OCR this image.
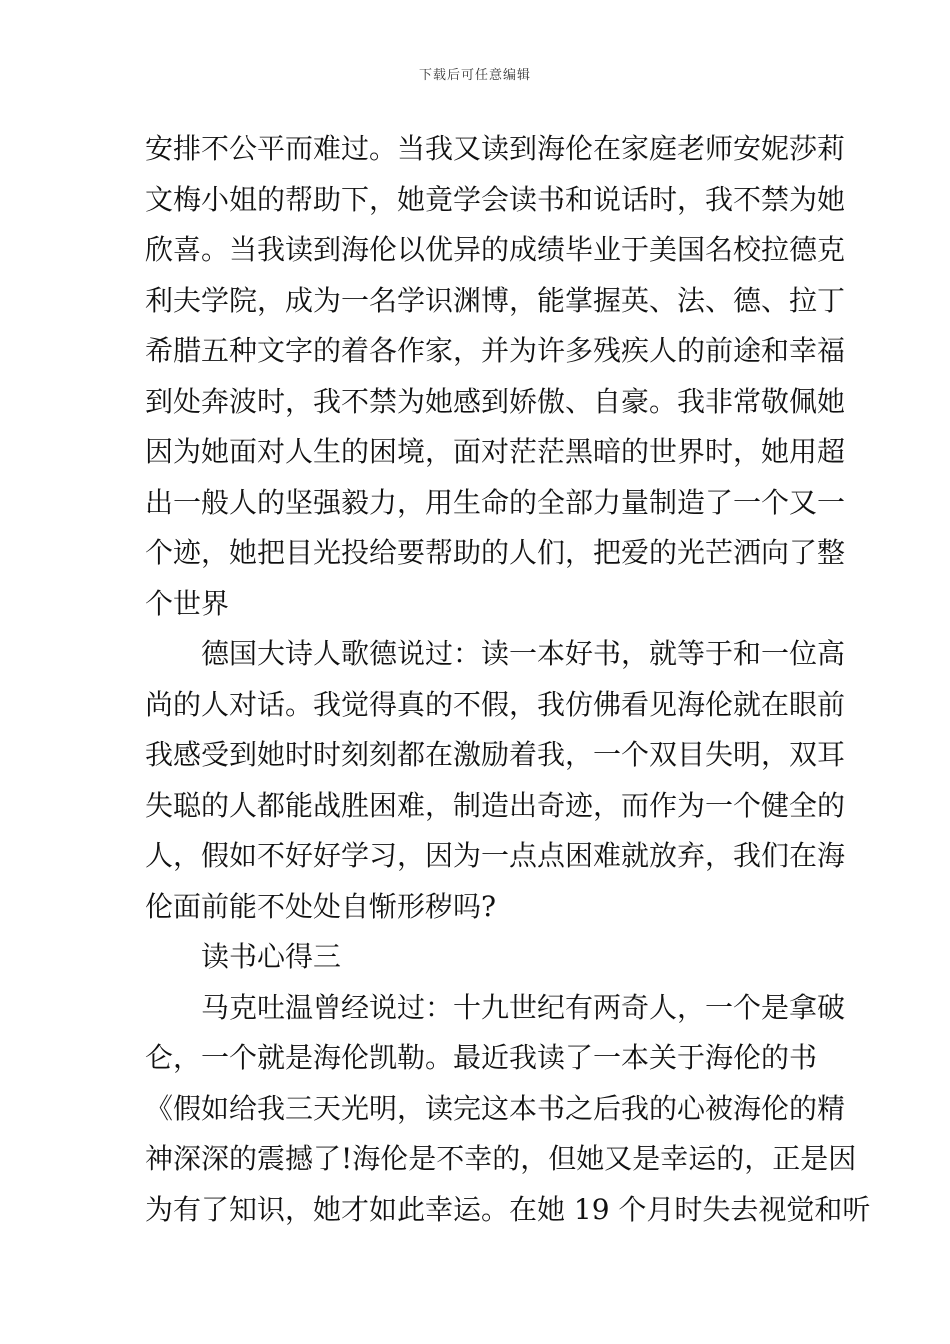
下载后可任意编辑
安排不公平而难过。当我又读到海伦在家庭老师安妮莎莉
文梅小姐的帮助下，她竟学会读书和说话时，我不禁为她
欣喜。当我读到海伦以优异的成绩毕业于美国名校拉德克
利夫学院，成为一名学识渊博，能掌握英、法、德、拉丁
希腊五种文字的着各作家，并为许多残疾人的前途和幸福
到处奔波时，我不禁为她感到娇傲、自豪。我非常敬佩她
因为她面对人生的困境，面对茫茫黑暗的世界时，她用超
出一般人的坚强毅力，用生命的全部力量制造了一个又一
个迹，她把目光投给要帮助的人们，把爱的光芒洒向了整
个世界
德国大诗人歌德说过：读一本好书，就等于和一位高
尚的人对话。我觉得真的不假，我仿佛看见海伦就在眼前
我感受到她时时刻刻都在激励着我，一个双目失明，双耳
失聪的人都能战胜困难，制造出奇迹，而作为一个健全的
人，假如不好好学习，因为一点点困难就放弃，我们在海
伦面前能不处处自惭形秽吗?
读书心得三
马克吐温曾经说过：十九世纪有两奇人，一个是拿破
仑，一个就是海伦凯勒。最近我读了一本关于海伦的书
《假如给我三天光明，读完这本书之后我的心被海伦的精
神深深的震撼了!海伦是不幸的，但她又是幸运的，正是因
为有了知识，她才如此幸运。在她 19 个月时失去视觉和听
